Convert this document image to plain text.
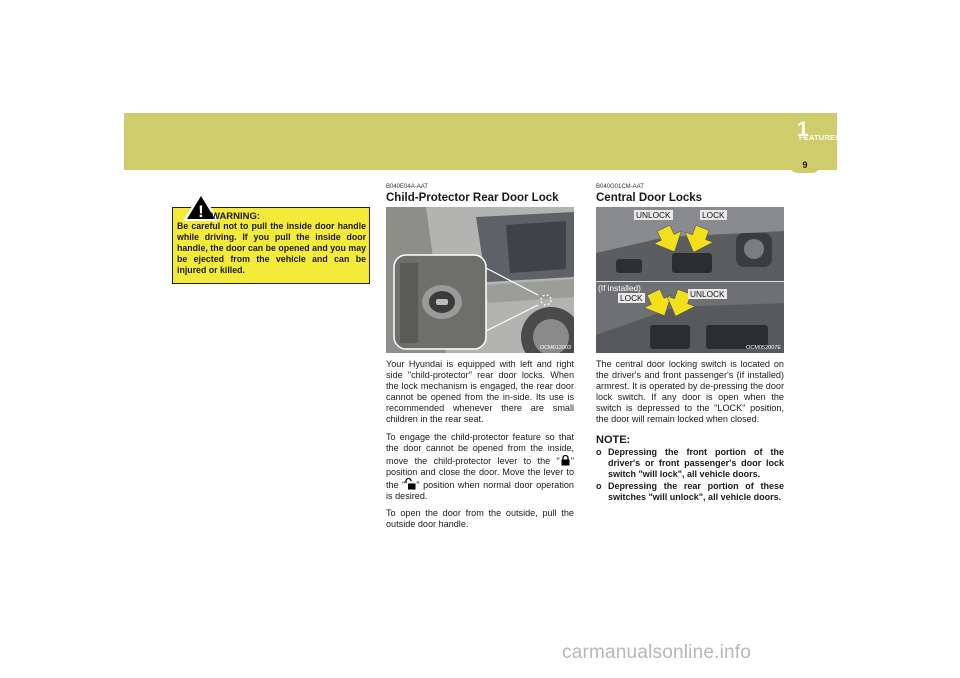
FEATURES OF YOUR HYUNDAI
1
9
! WARNING:
Be careful not to pull the inside door handle while driving. If you pull the inside door handle, the door can be opened and you may be ejected from the vehicle and can be injured or killed.

B040E04A-AAT

Child-Protector Rear Door Lock

OCM012003

Your Hyundai is equipped with left and right side "child-protector" rear door locks. When the lock mechanism is engaged, the rear door cannot be opened from the in-side. Its use is recommended whenever there are small children in the rear seat.

To engage the child-protector feature so that the door cannot be opened from the inside, move the child-protector lever to the " " position and close the door. Move the lever to the " " position when normal door operation is desired.

To open the door from the outside, pull the outside door handle.

B040G01CM-AAT

Central Door Locks

UNLOCK	LOCK
(If installed)
LOCK	UNLOCK
OCM052007E

The central door locking switch is located on the driver's and front passenger's (if installed) armrest. It is operated by de-pressing the door lock switch. If any door is open when the switch is depressed to the "LOCK" position, the door will remain locked when closed.

NOTE:

o Depressing the front portion of the driver's or front passenger's door lock switch "will lock", all vehicle doors.
o Depressing the rear portion of these switches "will unlock", all vehicle doors.
carmanualsonline.info
